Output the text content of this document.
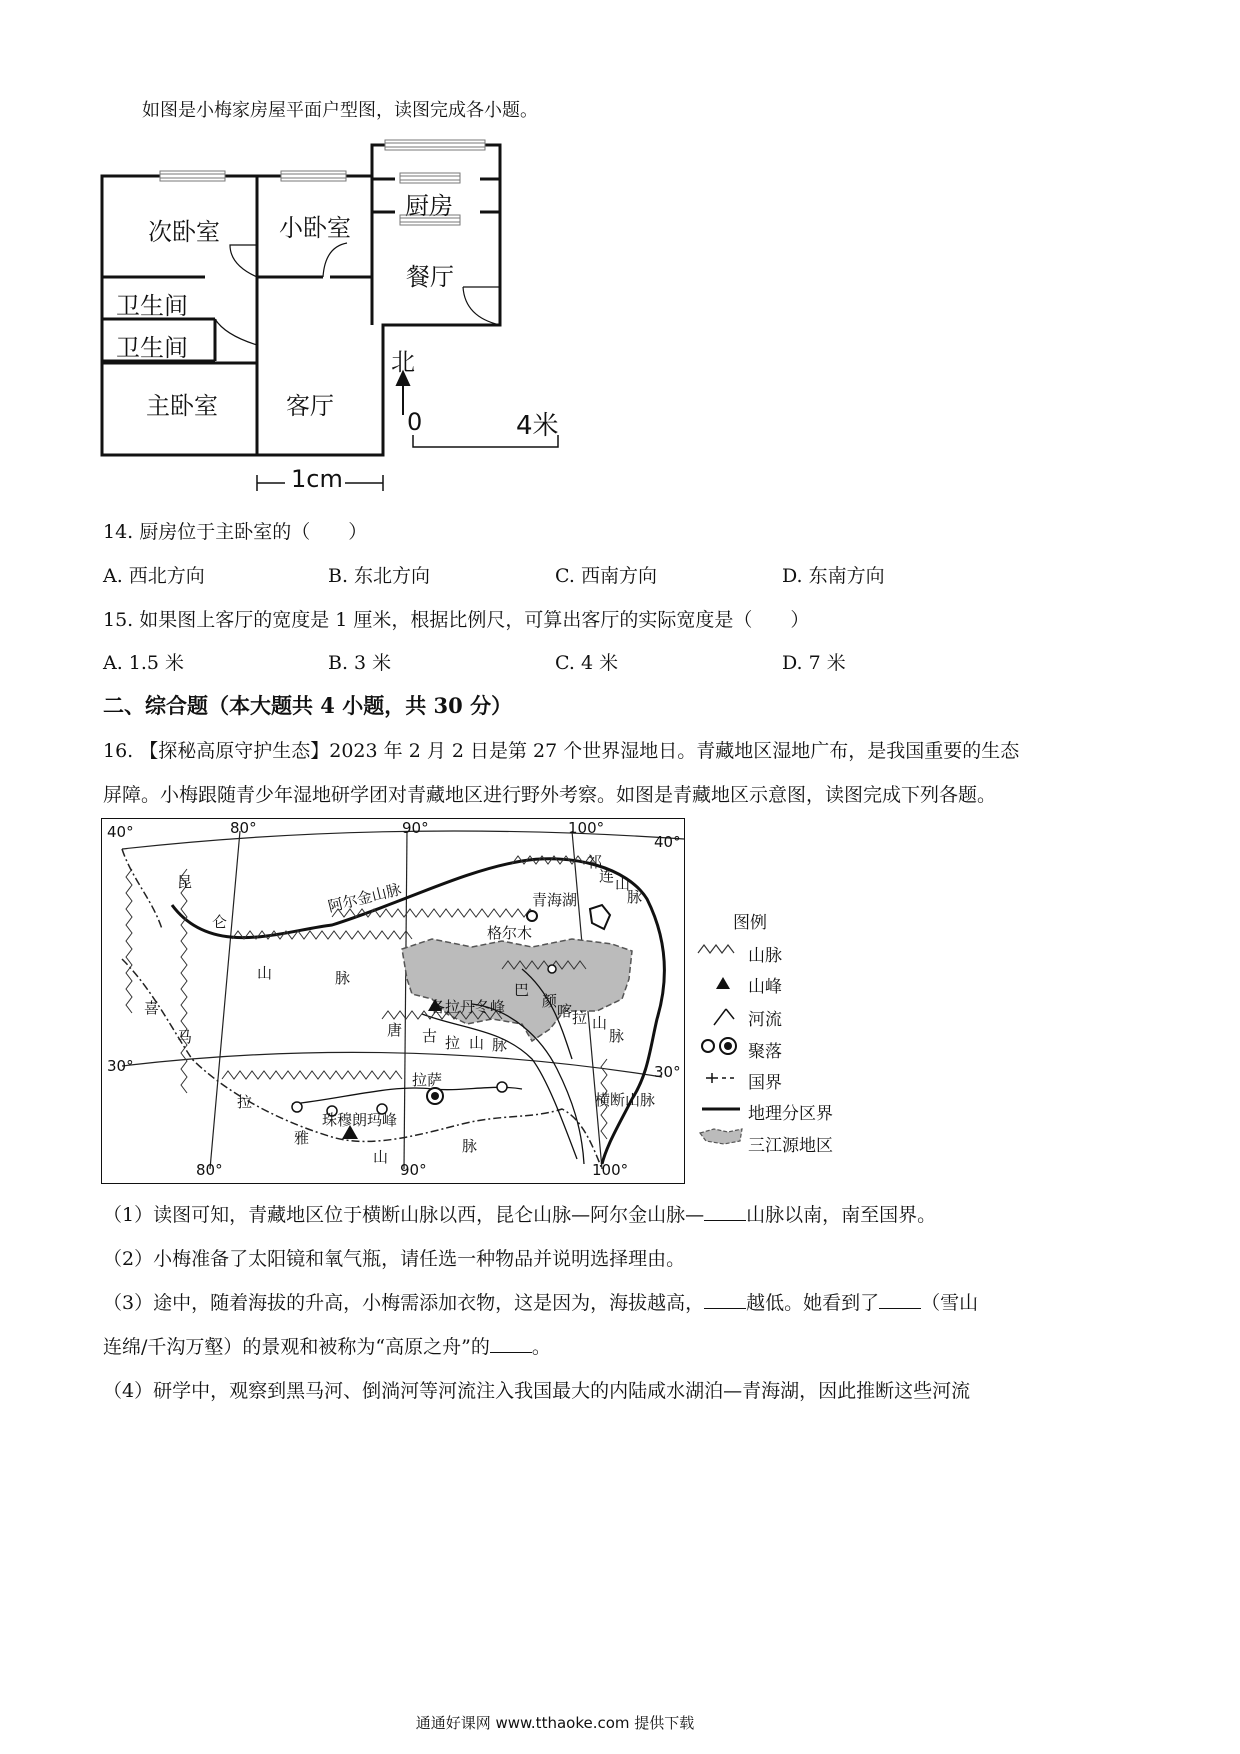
如图是小梅家房屋平面户型图，读图完成各小题。
次卧室 小卧室
厨房
餐厅
卫生间
卫生间
主卧室	客厅
北
0	4米
1cm
14. 厨房位于主卧室的（　　）
A. 西北方向	B. 东北方向	C. 西南方向	D. 东南方向
15. 如果图上客厅的宽度是 1 厘米，根据比例尺，可算出客厅的实际宽度是（　　）
A. 1.5 米	B. 3 米	C. 4 米	D. 7 米
二、综合题（本大题共 4 小题，共 30 分）
16. 【探秘高原守护生态】2023 年 2 月 2 日是第 27 个世界湿地日。青藏地区湿地广布，是我国重要的生态
屏障。小梅跟随青少年湿地研学团对青藏地区进行野外考察。如图是青藏地区示意图，读图完成下列各题。
40°	80°	90°	100°
40°
30°	30°
80°	90°	100°
昆
仑
山	脉
阿尔金山脉
祁
连 山
脉
青海湖
格尔木
各拉丹冬峰
巴
颜
喀 拉 山
脉
唐 古 拉 山 脉
拉萨
横断山脉
喜
马
拉
雅
山
脉
珠穆朗玛峰
图例
山脉
山峰
河流
聚落
国界
地理分区界
三江源地区
（1）读图可知，青藏地区位于横断山脉以西，昆仑山脉—阿尔金山脉— 山脉以南，南至国界。
（2）小梅准备了太阳镜和氧气瓶，请任选一种物品并说明选择理由。
（3）途中，随着海拔的升高，小梅需添加衣物，这是因为，海拔越高， 越低。她看到了 （雪山
连绵/千沟万壑）的景观和被称为“高原之舟”的 。
（4）研学中，观察到黑马河、倒淌河等河流注入我国最大的内陆咸水湖泊—青海湖，因此推断这些河流
通通好课网 www.tthaoke.com 提供下载
